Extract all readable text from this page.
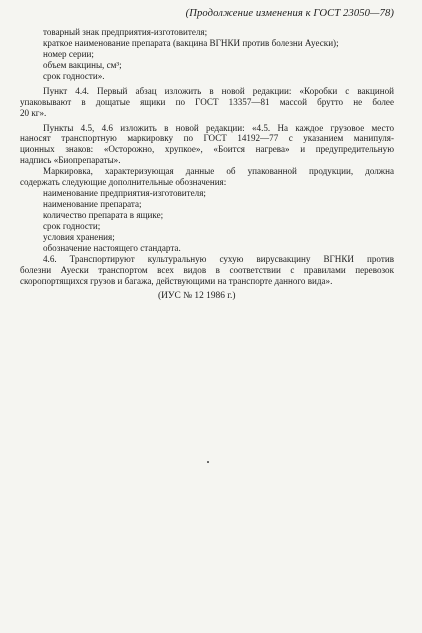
(Продолжение изменения к ГОСТ 23050—78)
товарный знак предприятия-изготовителя;
краткое наименование препарата (вакцина ВГНКИ против болезни Ауески);
номер серии;
объем вакцины, см³;
срок годности».
Пункт 4.4. Первый абзац изложить в новой редакции: «Коробки с вакциной
упаковывают в дощатые ящики по ГОСТ 13357—81 массой брутто не более
20 кг».
Пункты 4.5, 4.6 изложить в новой редакции: «4.5. На каждое грузовое место
наносят транспортную маркировку по ГОСТ 14192—77 с указанием манипуля-
ционных знаков: «Осторожно, хрупкое», «Боится нагрева» и предупредительную
надпись «Биопрепараты».
Маркировка, характеризующая данные об упакованной продукции, должна
содержать следующие дополнительные обозначения:
наименование предприятия-изготовителя;
наименование препарата;
количество препарата в ящике;
срок годности;
условия хранения;
обозначение настоящего стандарта.
4.6. Транспортируют культуральную сухую вирусвакцину ВГНКИ против
болезни Ауески транспортом всех видов в соответствии с правилами перевозок
скоропортящихся грузов и багажа, действующими на транспорте данного вида».
(ИУС № 12 1986 г.)
